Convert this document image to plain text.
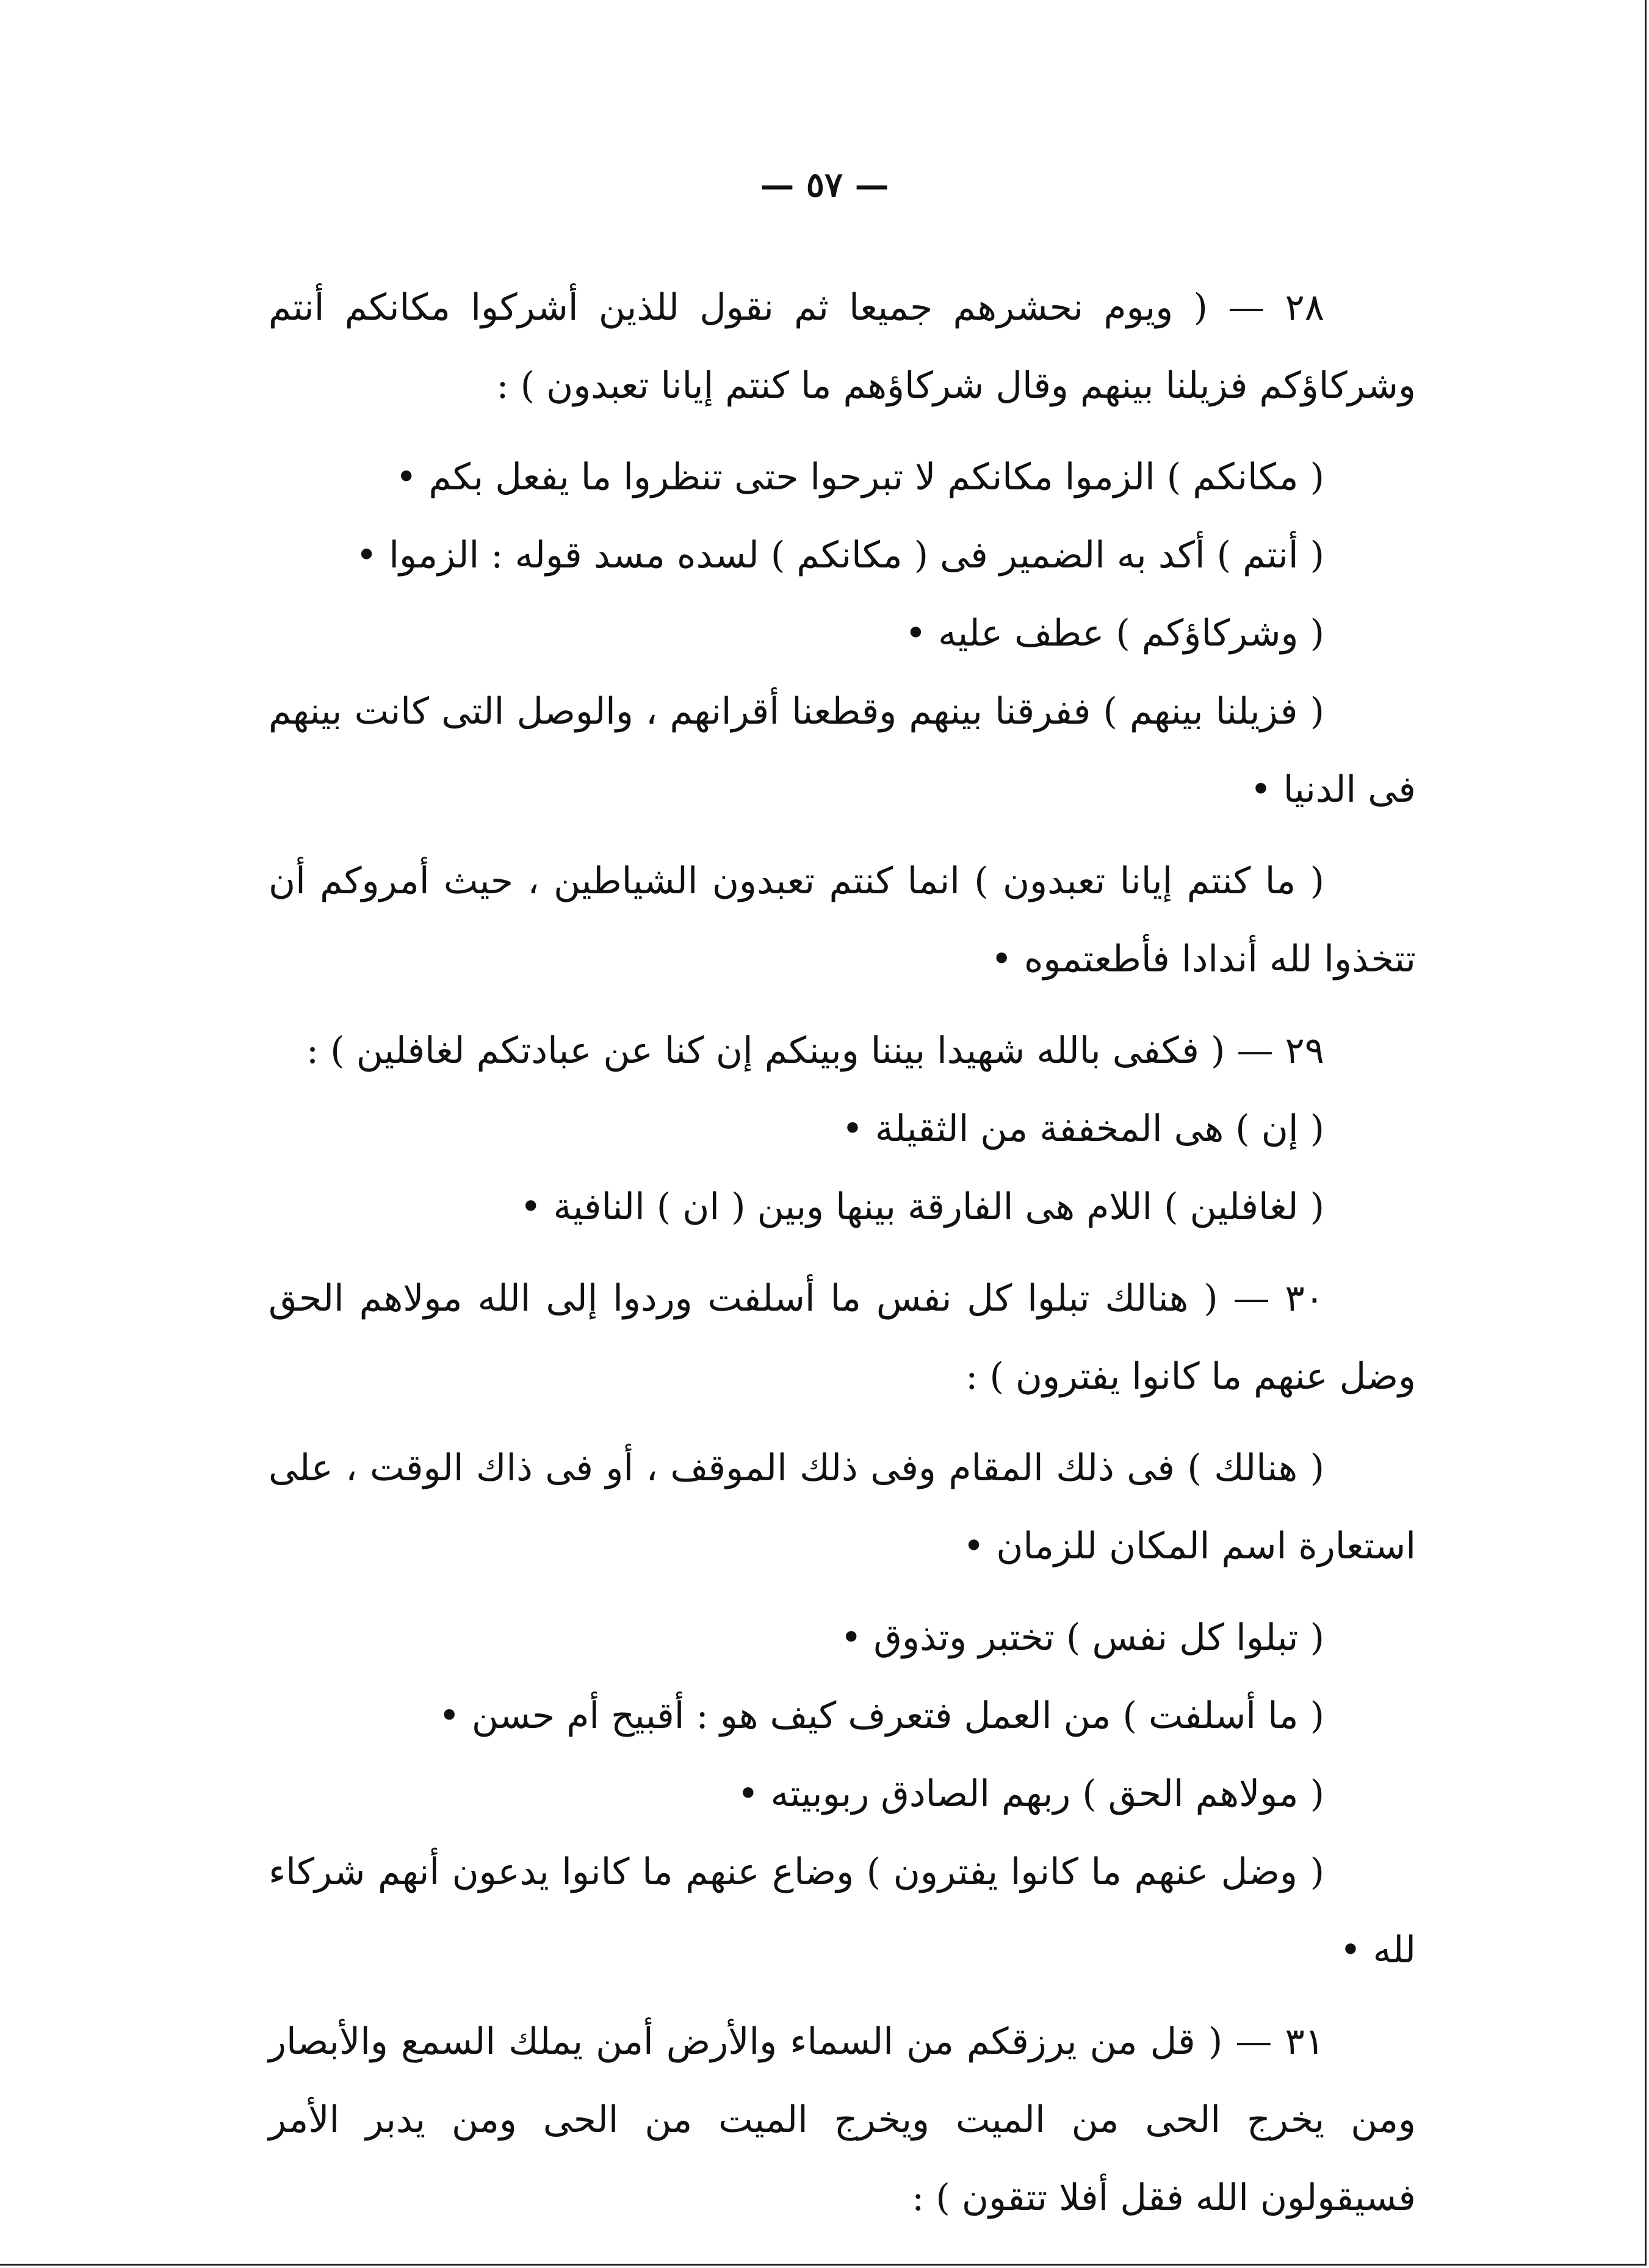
— ٥٧ —

٢٨ — ( ويوم نحشرهم جميعا ثم نقول للذين أشركوا مكانكم أنتم وشركاؤكم فزيلنا بينهم وقال شركاؤهم ما كنتم إيانا تعبدون ) :

( مكانكم ) الزموا مكانكم لا تبرحوا حتى تنظروا ما يفعل بكم •

( أنتم ) أكد به الضمير فى ( مكانكم ) لسده مسد قوله : الزموا •

( وشركاؤكم ) عطف عليه •

( فزيلنا بينهم ) ففرقنا بينهم وقطعنا أقرانهم ، والوصل التى كانت بينهم فى الدنيا •

( ما كنتم إيانا تعبدون ) انما كنتم تعبدون الشياطين ، حيث أمروكم أن تتخذوا لله أندادا فأطعتموه •

٢٩ — ( فكفى بالله شهيدا بيننا وبينكم إن كنا عن عبادتكم لغافلين ) :

( إن ) هى المخففة من الثقيلة •

( لغافلين ) اللام هى الفارقة بينها وبين ( ان ) النافية •

٣٠ — ( هنالك تبلوا كل نفس ما أسلفت وردوا إلى الله مولاهم الحق وضل عنهم ما كانوا يفترون ) :

( هنالك ) فى ذلك المقام وفى ذلك الموقف ، أو فى ذاك الوقت ، على استعارة اسم المكان للزمان •

( تبلوا كل نفس ) تختبر وتذوق •

( ما أسلفت ) من العمل فتعرف كيف هو : أقبيح أم حسن •

( مولاهم الحق ) ربهم الصادق ربوبيته •

( وضل عنهم ما كانوا يفترون ) وضاع عنهم ما كانوا يدعون أنهم شركاء لله •

٣١ — ( قل من يرزقكم من السماء والأرض أمن يملك السمع والأبصار ومن يخرج الحى من الميت ويخرج الميت من الحى ومن يدبر الأمر فسيقولون الله فقل أفلا تتقون ) :
